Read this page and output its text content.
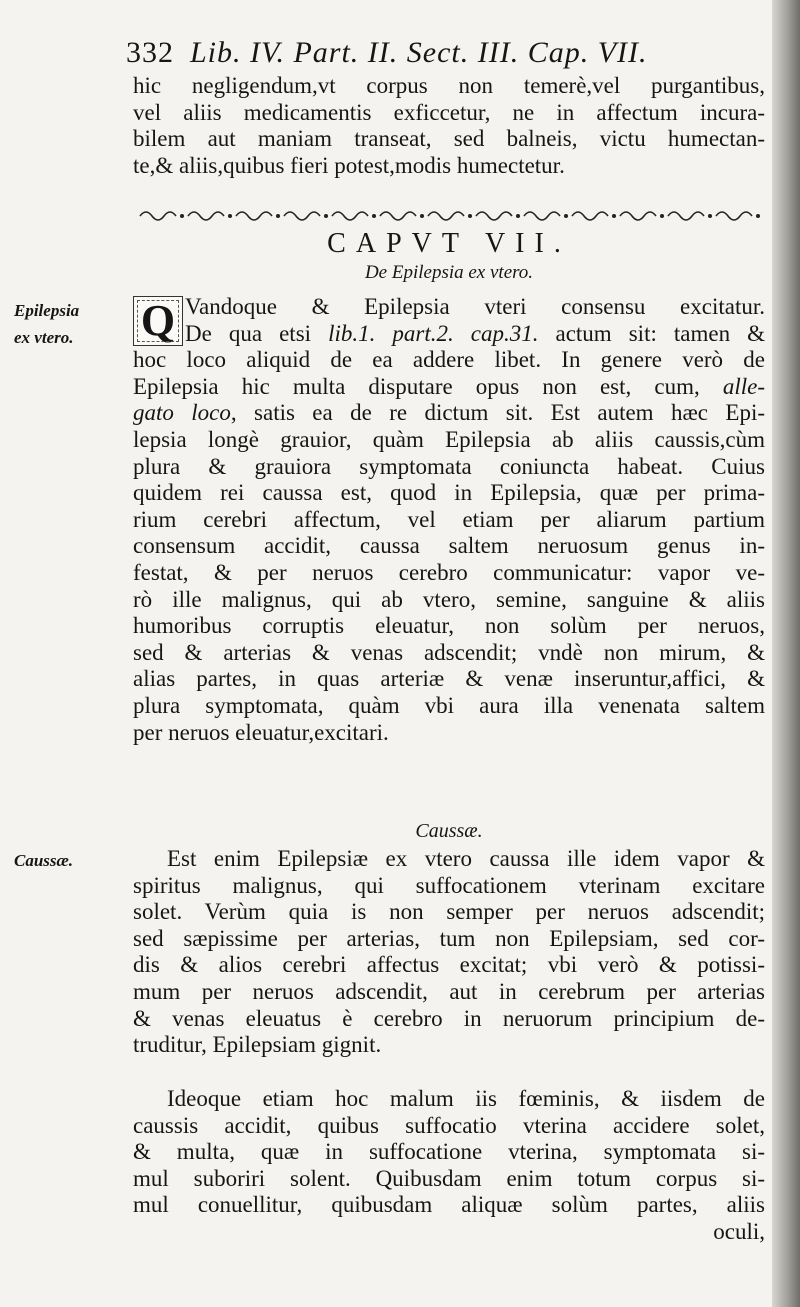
332 Lib. IV. Part. II. Sect. III. Cap. VII.
hic negligendum,vt corpus non temerè,vel purgantibus,
vel aliis medicamentis exficcetur, ne in affectum incura-
bilem aut maniam transeat, sed balneis, victu humectan-
te,& aliis,quibus fieri potest,modis humectetur.
CAPVT VII.
De Epilepsia ex vtero.
Epilepsia
ex vtero.	Q Vandoque & Epilepsia vteri consensu excitatur.
De qua etsi lib.1. part.2. cap.31. actum sit: tamen &
hoc loco aliquid de ea addere libet. In genere verò de
Epilepsia hic multa disputare opus non est, cum, alle-
gato loco, satis ea de re dictum sit. Est autem hæc Epi-
lepsia longè grauior, quàm Epilepsia ab aliis caussis,cùm
plura & grauiora symptomata coniuncta habeat. Cuius
quidem rei caussa est, quod in Epilepsia, quæ per prima-
rium cerebri affectum, vel etiam per aliarum partium
consensum accidit, caussa saltem neruosum genus in-
festat, & per neruos cerebro communicatur: vapor ve-
rò ille malignus, qui ab vtero, semine, sanguine & aliis
humoribus corruptis eleuatur, non solùm per neruos,
sed & arterias & venas adscendit; vndè non mirum, &
alias partes, in quas arteriæ & venæ inseruntur,affici, &
plura symptomata, quàm vbi aura illa venenata saltem
per neruos eleuatur,excitari.
Caussæ.
Caussæ.	Est enim Epilepsiæ ex vtero caussa ille idem vapor &
spiritus malignus, qui suffocationem vterinam excitare
solet. Verùm quia is non semper per neruos adscendit;
sed sæpissime per arterias, tum non Epilepsiam, sed cor-
dis & alios cerebri affectus excitat; vbi verò & potissi-
mum per neruos adscendit, aut in cerebrum per arterias
& venas eleuatus è cerebro in neruorum principium de-
truditur, Epilepsiam gignit.
Ideoque etiam hoc malum iis fœminis, & iisdem de
caussis accidit, quibus suffocatio vterina accidere solet,
& multa, quæ in suffocatione vterina, symptomata si-
mul suboriri solent. Quibusdam enim totum corpus si-
mul conuellitur, quibusdam aliquæ solùm partes, aliis
oculi,
